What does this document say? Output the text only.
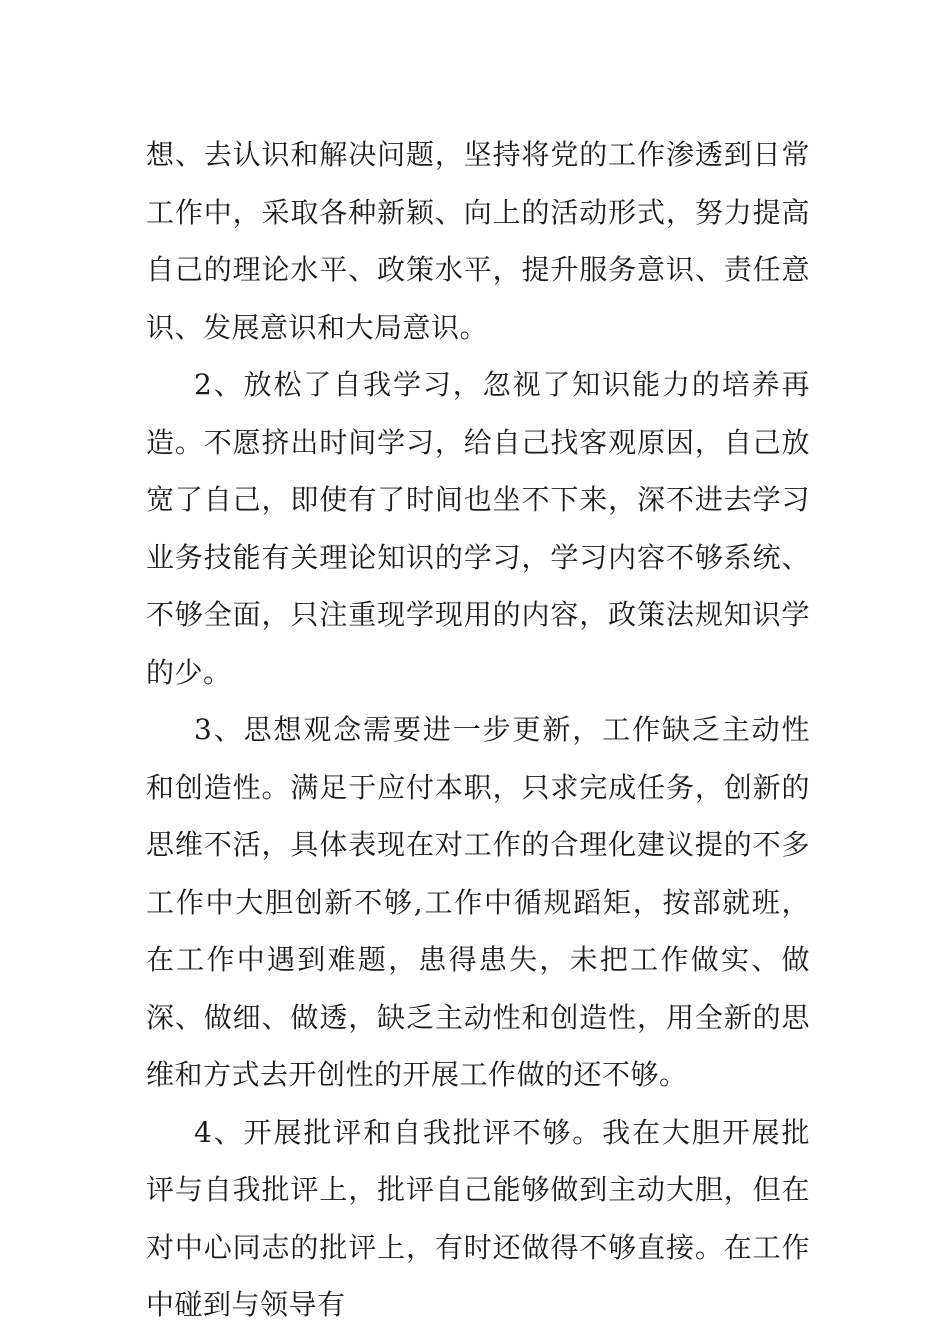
想、去认识和解决问题，坚持将党的工作渗透到日常工作中，采取各种新颖、向上的活动形式，努力提高自己的理论水平、政策水平，提升服务意识、责任意识、发展意识和大局意识。

2、放松了自我学习，忽视了知识能力的培养再造。不愿挤出时间学习，给自己找客观原因，自己放宽了自己，即使有了时间也坐不下来，深不进去学习业务技能有关理论知识的学习，学习内容不够系统、不够全面，只注重现学现用的内容，政策法规知识学的少。

3、思想观念需要进一步更新，工作缺乏主动性和创造性。满足于应付本职，只求完成任务，创新的思维不活，具体表现在对工作的合理化建议提的不多 工作中大胆创新不够,工作中循规蹈矩，按部就班，在工作中遇到难题，患得患失，未把工作做实、做深、做细、做透，缺乏主动性和创造性，用全新的思维和方式去开创性的开展工作做的还不够。

4、开展批评和自我批评不够。我在大胆开展批评与自我批评上，批评自己能够做到主动大胆，但在对中心同志的批评上，有时还做得不够直接。在工作中碰到与领导有
